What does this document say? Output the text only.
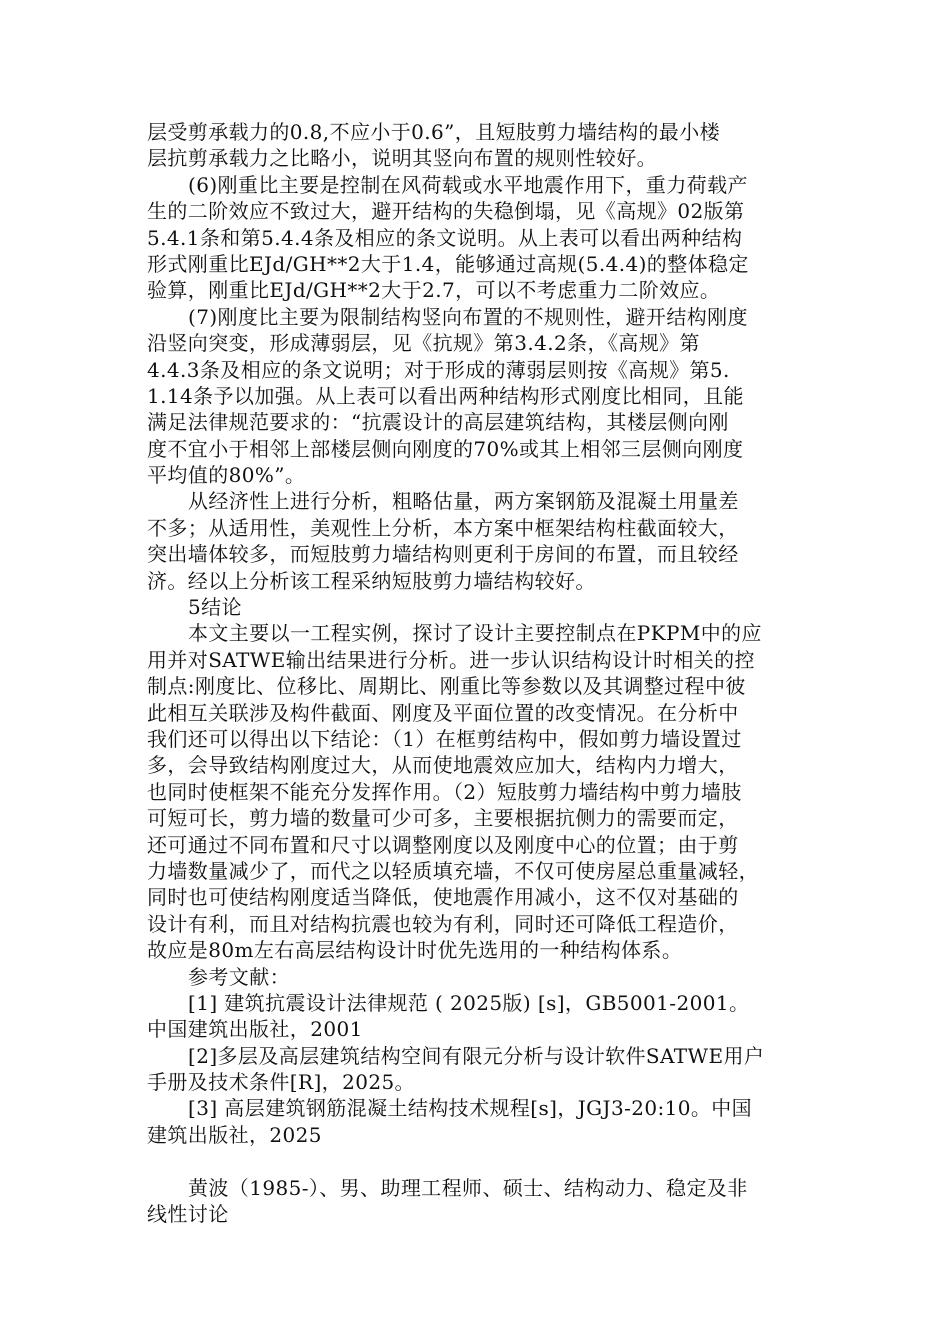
层受剪承载力的0.8,不应小于0.6”，且短肢剪力墙结构的最小楼
层抗剪承载力之比略小，说明其竖向布置的规则性较好。
(6)刚重比主要是控制在风荷载或水平地震作用下，重力荷载产
生的二阶效应不致过大，避开结构的失稳倒塌，见《高规》02版第
5.4.1条和第5.4.4条及相应的条文说明。从上表可以看出两种结构
形式刚重比EJd/GH**2大于1.4，能够通过高规(5.4.4)的整体稳定
验算，刚重比EJd/GH**2大于2.7，可以不考虑重力二阶效应。
(7)刚度比主要为限制结构竖向布置的不规则性，避开结构刚度
沿竖向突变，形成薄弱层，见《抗规》第3.4.2条，《高规》第
4.4.3条及相应的条文说明；对于形成的薄弱层则按《高规》第5.
1.14条予以加强。从上表可以看出两种结构形式刚度比相同，且能
满足法律规范要求的：“抗震设计的高层建筑结构，其楼层侧向刚
度不宜小于相邻上部楼层侧向刚度的70%或其上相邻三层侧向刚度
平均值的80%”。
从经济性上进行分析，粗略估量，两方案钢筋及混凝土用量差
不多；从适用性，美观性上分析，本方案中框架结构柱截面较大，
突出墙体较多，而短肢剪力墙结构则更利于房间的布置，而且较经
济。经以上分析该工程采纳短肢剪力墙结构较好。
5结论
本文主要以一工程实例，探讨了设计主要控制点在PKPM中的应
用并对SATWE输出结果进行分析。进一步认识结构设计时相关的控
制点:刚度比、位移比、周期比、刚重比等参数以及其调整过程中彼
此相互关联涉及构件截面、刚度及平面位置的改变情况。在分析中
我们还可以得出以下结论：（1）在框剪结构中，假如剪力墙设置过
多，会导致结构刚度过大，从而使地震效应加大，结构内力增大，
也同时使框架不能充分发挥作用。（2）短肢剪力墙结构中剪力墙肢
可短可长，剪力墙的数量可少可多，主要根据抗侧力的需要而定，
还可通过不同布置和尺寸以调整刚度以及刚度中心的位置；由于剪
力墙数量减少了，而代之以轻质填充墙，不仅可使房屋总重量减轻，
同时也可使结构刚度适当降低，使地震作用减小，这不仅对基础的
设计有利，而且对结构抗震也较为有利，同时还可降低工程造价，
故应是80m左右高层结构设计时优先选用的一种结构体系。
参考文献：
[1] 建筑抗震设计法律规范 ( 2025版) [s]，GB5001-2001。
中国建筑出版社，2001
[2]多层及高层建筑结构空间有限元分析与设计软件SATWE用户
手册及技术条件[R]，2025。
[3] 高层建筑钢筋混凝土结构技术规程[s]，JGJ3-20:10。中国
建筑出版社，2025
黄波（1985-）、男、助理工程师、硕士、结构动力、稳定及非
线性讨论
